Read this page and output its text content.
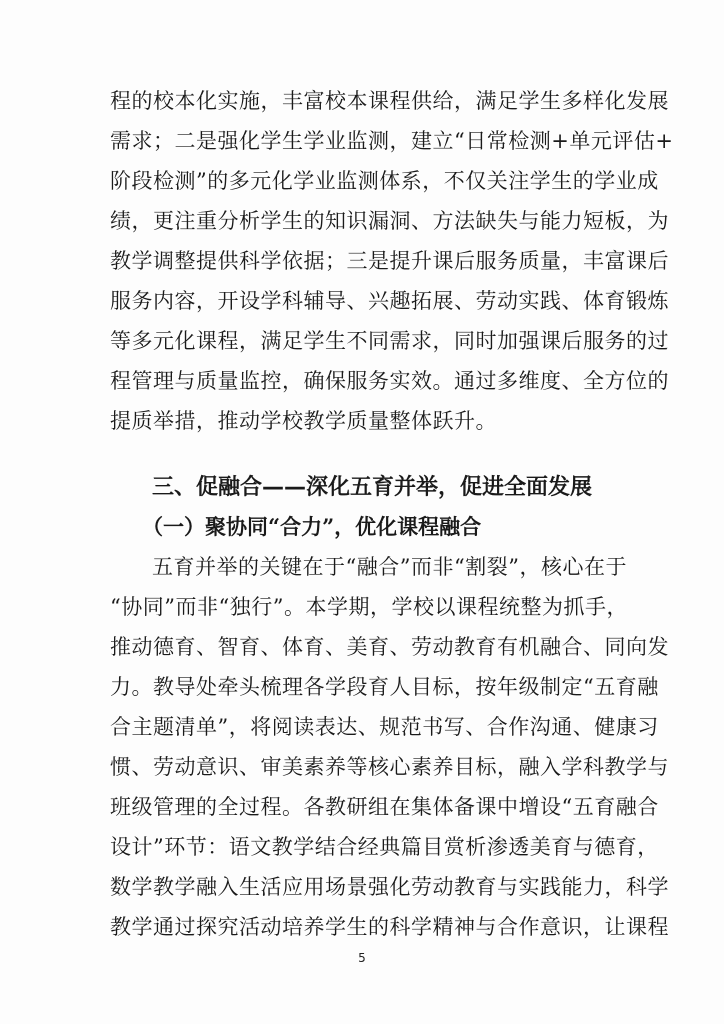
程的校本化实施，丰富校本课程供给，满足学生多样化发展
需求；二是强化学生学业监测，建立“日常检测+单元评估+
阶段检测”的多元化学业监测体系，不仅关注学生的学业成
绩，更注重分析学生的知识漏洞、方法缺失与能力短板，为
教学调整提供科学依据；三是提升课后服务质量，丰富课后
服务内容，开设学科辅导、兴趣拓展、劳动实践、体育锻炼
等多元化课程，满足学生不同需求，同时加强课后服务的过
程管理与质量监控，确保服务实效。通过多维度、全方位的
提质举措，推动学校教学质量整体跃升。
三、促融合——深化五育并举，促进全面发展
（一）聚协同“合力”，优化课程融合
五育并举的关键在于“融合”而非“割裂”，核心在于
“协同”而非“独行”。本学期，学校以课程统整为抓手，
推动德育、智育、体育、美育、劳动教育有机融合、同向发
力。教导处牵头梳理各学段育人目标，按年级制定“五育融
合主题清单”，将阅读表达、规范书写、合作沟通、健康习
惯、劳动意识、审美素养等核心素养目标，融入学科教学与
班级管理的全过程。各教研组在集体备课中增设“五育融合
设计”环节：语文教学结合经典篇目赏析渗透美育与德育，
数学教学融入生活应用场景强化劳动教育与实践能力，科学
教学通过探究活动培养学生的科学精神与合作意识，让课程
5
